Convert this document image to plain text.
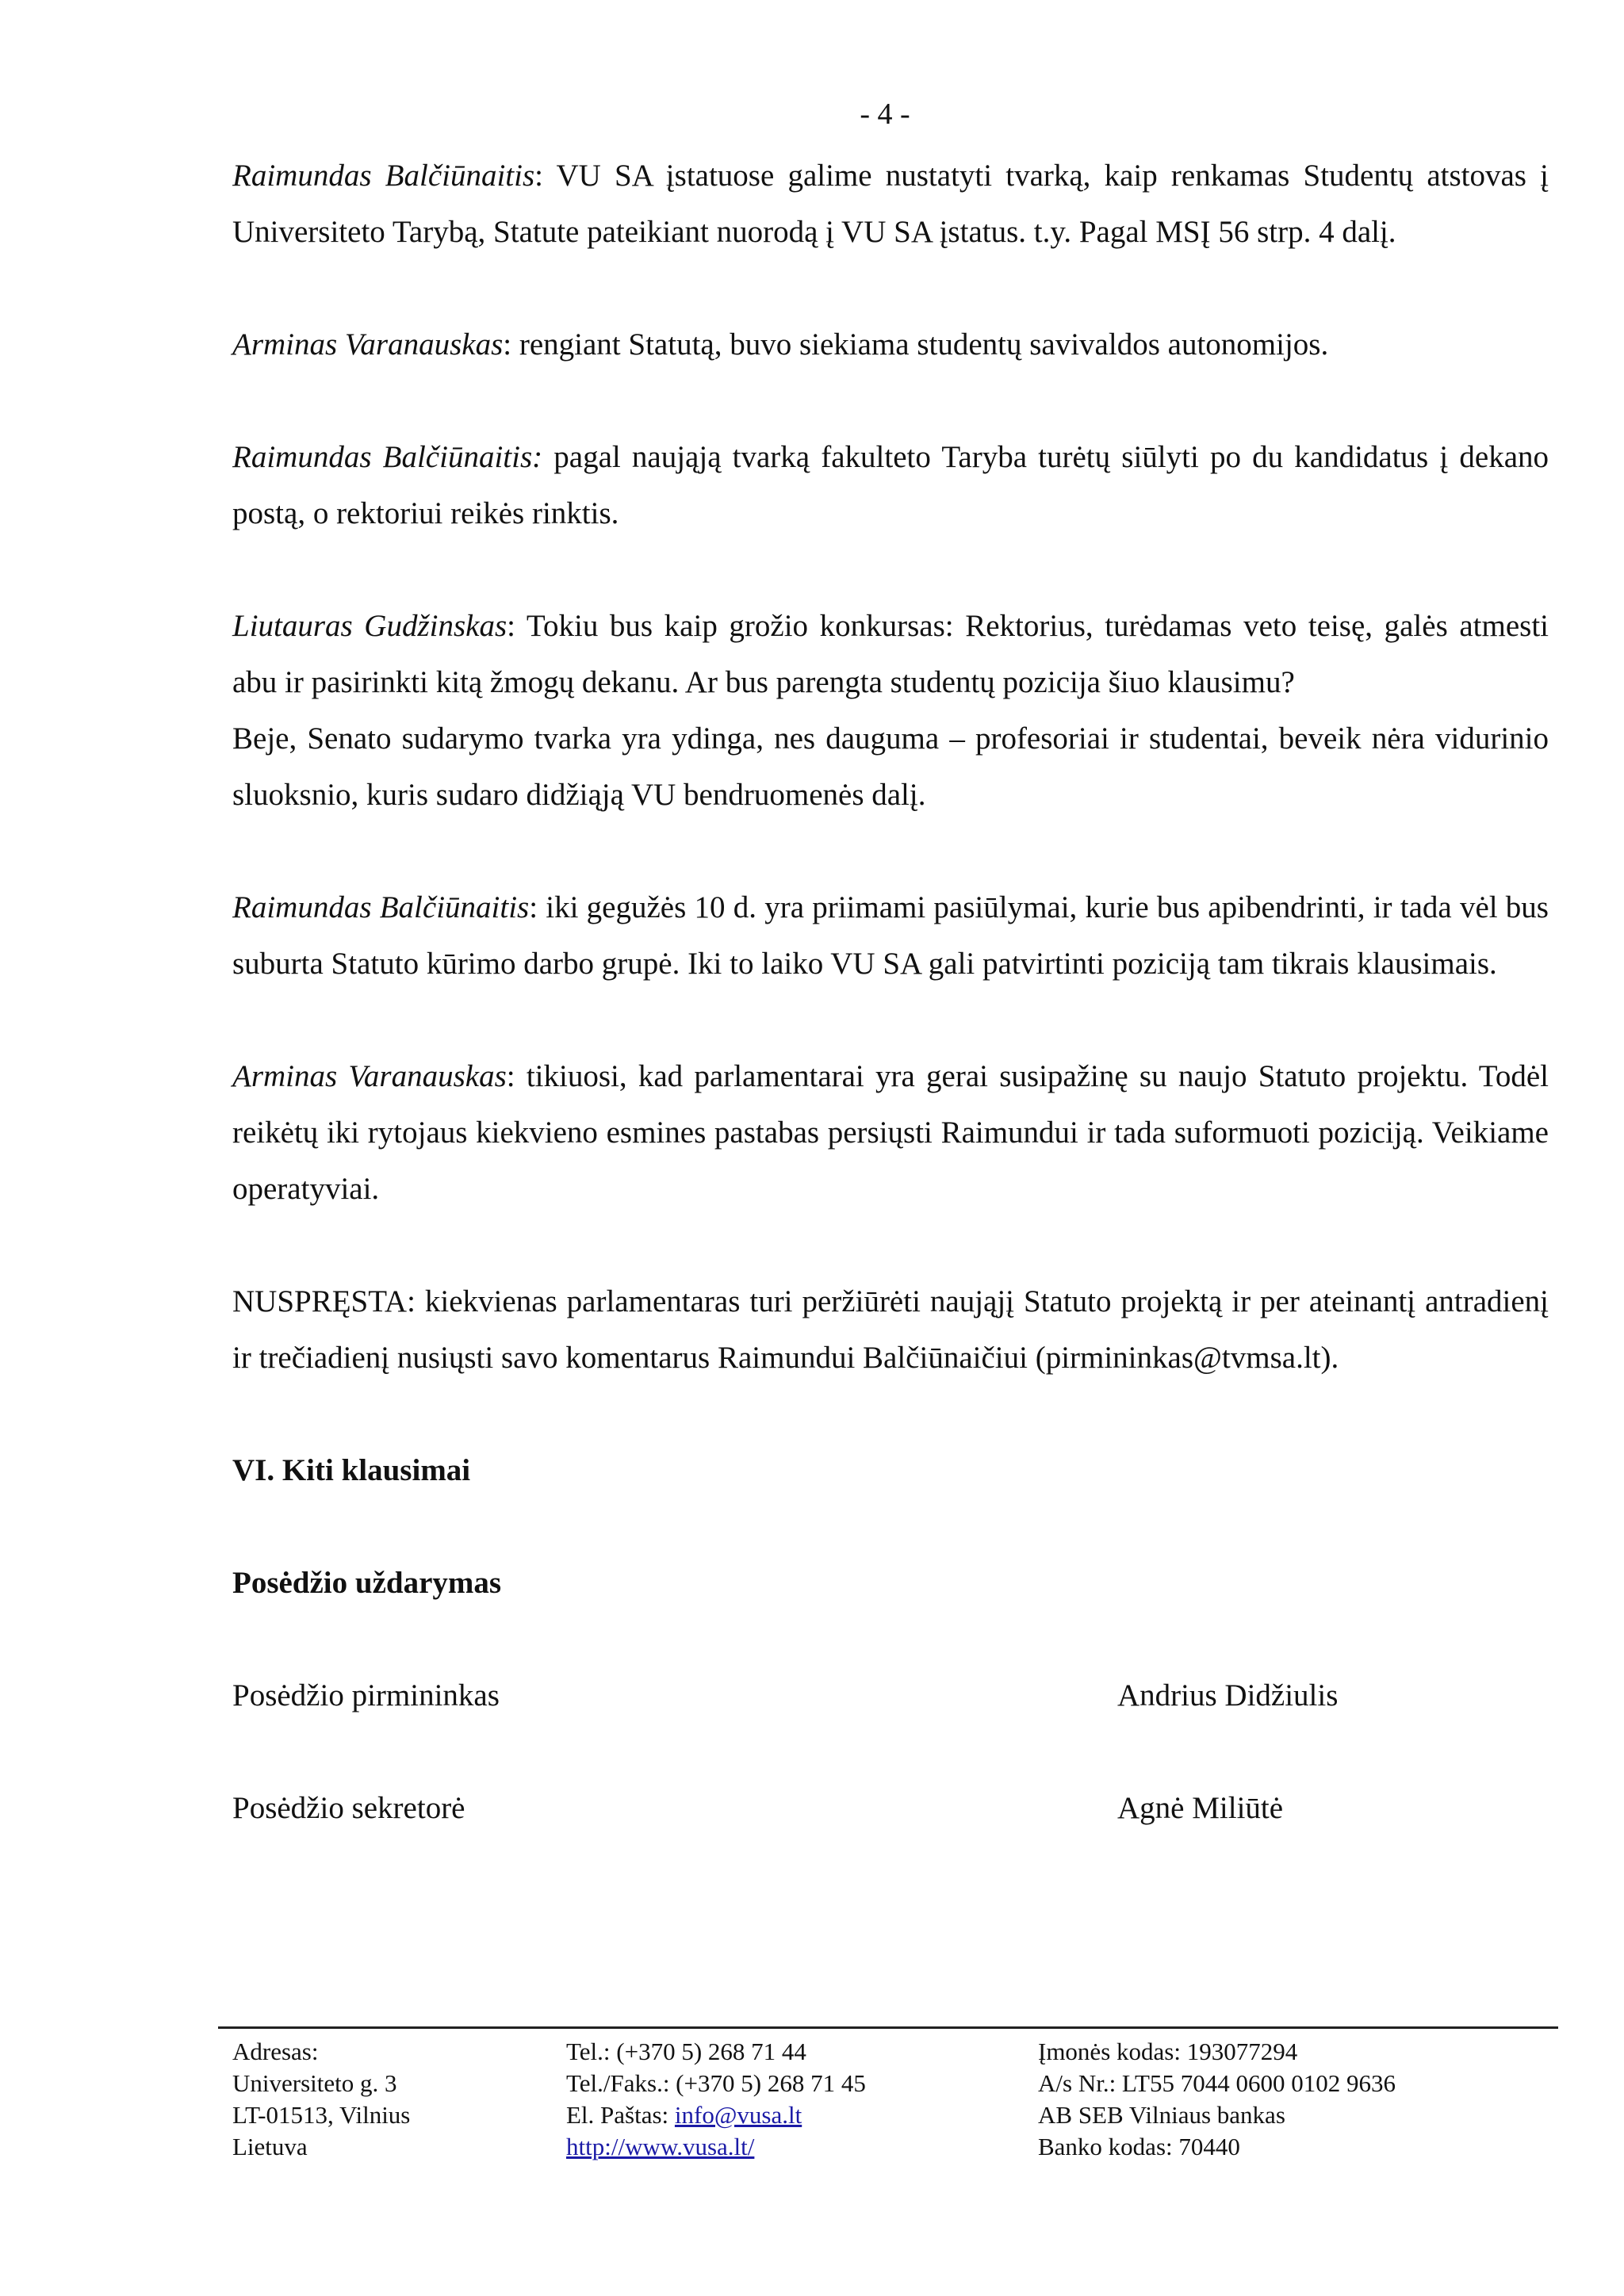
- 4 -

Raimundas Balčiūnaitis: VU SA įstatuose galime nustatyti tvarką, kaip renkamas Studentų atstovas į Universiteto Tarybą, Statute pateikiant nuorodą į VU SA įstatus. t.y. Pagal MSĮ 56 strp. 4 dalį.

Arminas Varanauskas: rengiant Statutą, buvo siekiama studentų savivaldos autonomijos.

Raimundas Balčiūnaitis: pagal naująją tvarką fakulteto Taryba turėtų siūlyti po du kandidatus į dekano postą, o rektoriui reikės rinktis.

Liutauras Gudžinskas: Tokiu bus kaip grožio konkursas: Rektorius, turėdamas veto teisę, galės atmesti abu ir pasirinkti kitą žmogų dekanu. Ar bus parengta studentų pozicija šiuo klausimu?

Beje, Senato sudarymo tvarka yra ydinga, nes dauguma – profesoriai ir studentai, beveik nėra vidurinio sluoksnio, kuris sudaro didžiąją VU bendruomenės dalį.

Raimundas Balčiūnaitis: iki gegužės 10 d. yra priimami pasiūlymai, kurie bus apibendrinti, ir tada vėl bus suburta Statuto kūrimo darbo grupė. Iki to laiko VU SA gali patvirtinti poziciją tam tikrais klausimais.

Arminas Varanauskas: tikiuosi, kad parlamentarai yra gerai susipažinę su naujo Statuto projektu. Todėl reikėtų iki rytojaus kiekvieno esmines pastabas persiųsti Raimundui ir tada suformuoti poziciją. Veikiame operatyviai.

NUSPRĘSTA: kiekvienas parlamentaras turi peržiūrėti naująjį Statuto projektą ir per ateinantį antradienį ir trečiadienį nusiųsti savo komentarus Raimundui Balčiūnaičiui (pirmininkas@tvmsa.lt).

VI. Kiti klausimai
Posėdžio uždarymas
Posėdžio pirmininkas	Andrius Didžiulis
Posėdžio sekretorė	Agnė Miliūtė
Adresas:
Universiteto g. 3
LT-01513, Vilnius
Lietuva
Tel.: (+370 5) 268 71 44
Tel./Faks.: (+370 5) 268 71 45
El. Paštas: info@vusa.lt
http://www.vusa.lt/
Įmonės kodas: 193077294
A/s Nr.: LT55 7044 0600 0102 9636
AB SEB Vilniaus bankas
Banko kodas: 70440
